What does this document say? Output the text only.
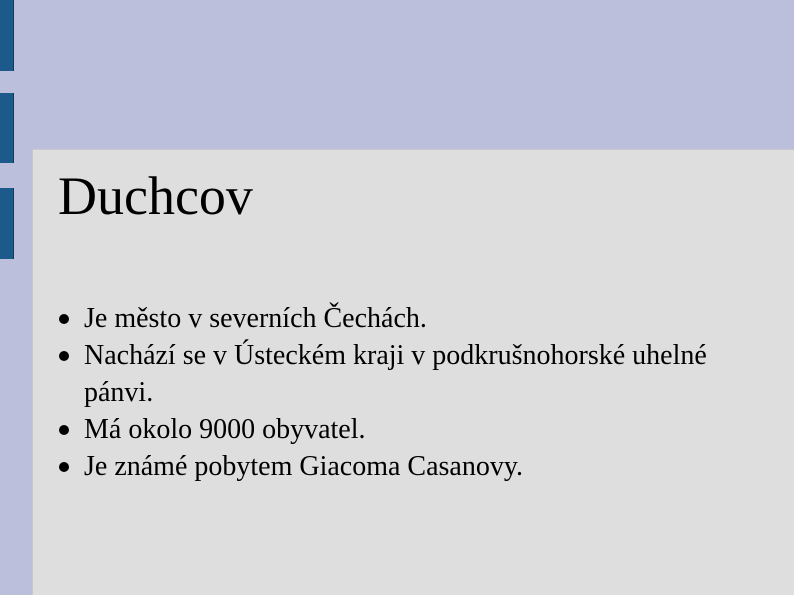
Duchcov
Je město v severních Čechách.
Nachází se v Ústeckém kraji v podkrušnohorské uhelné pánvi.
Má okolo 9000 obyvatel.
Je známé pobytem Giacoma Casanovy.
